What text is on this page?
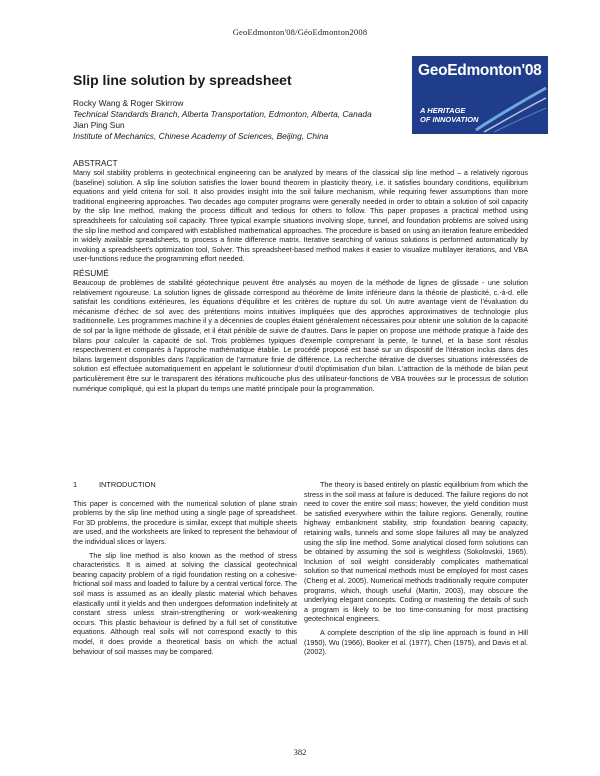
GeoEdmonton'08/GéoEdmonton2008
Slip line solution by spreadsheet
Rocky Wang & Roger Skirrow
Technical Standards Branch, Alberta Transportation, Edmonton, Alberta, Canada
Jian Ping Sun
Institute of Mechanics, Chinese Academy of Sciences, Beijing, China
GeoEdmonton'08
A HERITAGE
OF INNOVATION
ABSTRACT

Many soil stability problems in geotechnical engineering can be analyzed by means of the classical slip line method – a relatively rigorous (baseline) solution. A slip line solution satisfies the lower bound theorem in plasticity theory, i.e. it satisfies boundary conditions, equilibrium equations and yield criteria for soil. It also provides insight into the soil failure mechanism, while requiring fewer assumptions than more traditional engineering approaches. Two decades ago computer programs were generally needed in order to obtain a solution of soil capacity by the slip line method, making the process difficult and tedious for others to follow. This paper proposes a practical method using spreadsheets for calculating soil capacity. Three typical example situations involving slope, tunnel, and foundation problems are solved using the slip line method and compared with established mathematical approaches. The procedure is based on using an iteration feature embedded in widely available spreadsheets, to process a finite difference matrix. Iterative searching of various solutions is performed automatically by invoking a spreadsheet's optimization tool, Solver. This spreadsheet-based method makes it easier to visualize multilayer iterations, and VBA user-functions reduce the programming effort needed.

RÉSUMÉ

Beaucoup de problèmes de stabilité géotechnique peuvent être analysés au moyen de la méthode de lignes de glissade - une solution relativement rigoureuse. La solution lignes de glissade correspond au théorème de limite inférieure dans la théorie de plasticité, c.-à-d. elle satisfait les conditions extérieures, les équations d'équilibre et les critères de rupture du sol. Un autre avantage vient de l'évaluation du mécanisme d'échec de sol avec des prétentions moins intuitives impliquées que des approches approximatives de technologie plus traditionnelle. Les programmes machine il y a décennies de couples étaient généralement nécessaires pour obtenir une solution de la capacité de sol par la ligne méthode de glissade, et il était pénible de suivre de d'autres. Dans le papier on propose une méthode pratique à l'aide des bilans pour calculer la capacité de sol. Trois problèmes typiques d'exemple comprenant la pente, le tunnel, et la base sont résolus respectivement et comparés à l'approche mathématique établie. Le procédé proposé est basé sur un dispositif de l'itération inclus dans des bilans largement disponibles dans l'application de l'armature finie de différence. La recherche itérative de diverses situations intéressées de solution est effectuée automatiquement en appelant le solutionneur d'outil d'optimisation d'un bilan. L'attraction de la méthode de bilan peut particulièrement être sur le transparent des itérations multicouche plus des utilisateur-fonctions de VBA trouvées sur le processus de solution numérique compliqué, qui est la plupart du temps une matité principale pour la programmation.

1	INTRODUCTION

This paper is concerned with the numerical solution of plane strain problems by the slip line method using a single page of spreadsheet. For 3D problems, the procedure is similar, except that multiple sheets are used, and the worksheets are linked to represent the behaviour of the individual slices or layers.

The slip line method is also known as the method of stress characteristics. It is aimed at solving the classical geotechnical bearing capacity problem of a rigid foundation resting on a cohesive-frictional soil mass and loaded to failure by a central vertical force. The soil mass is assumed as an ideally plastic material which behaves elastically until it yields and then undergoes deformation indefinitely at constant stress unless strain-strengthening or work-weakening occurs. This plastic behaviour is defined by a full set of constitutive equations. Although real soils will not correspond exactly to this model, it does provide a theoretical basis on which the actual behaviour of soil masses may be compared.

The theory is based entirely on plastic equilibrium from which the stress in the soil mass at failure is deduced. The failure regions do not need to cover the entire soil mass; however, the yield condition must be satisfied everywhere within the failure regions. Generally, routine highway embankment stability, strip foundation bearing capacity, retaining walls, tunnels and some slope failures all may be analyzed using the slip line method. Some analytical closed form solutions can be obtained by assuming the soil is weightless (Sokolovskii, 1965). Inclusion of soil weight considerably complicates mathematical solution so that numerical methods must be employed for most cases (Cheng et al. 2005). Numerical methods traditionally require computer programs, which, though useful (Martin, 2003), may obscure the underlying elegant concepts. Coding or mastering the details of such a program is likely to be too time-consuming for most practising geotechnical engineers.

A complete description of the slip line approach is found in Hill (1950), Wu (1966), Booker et al. (1977), Chen (1975), and Davis et al. (2002).

382
